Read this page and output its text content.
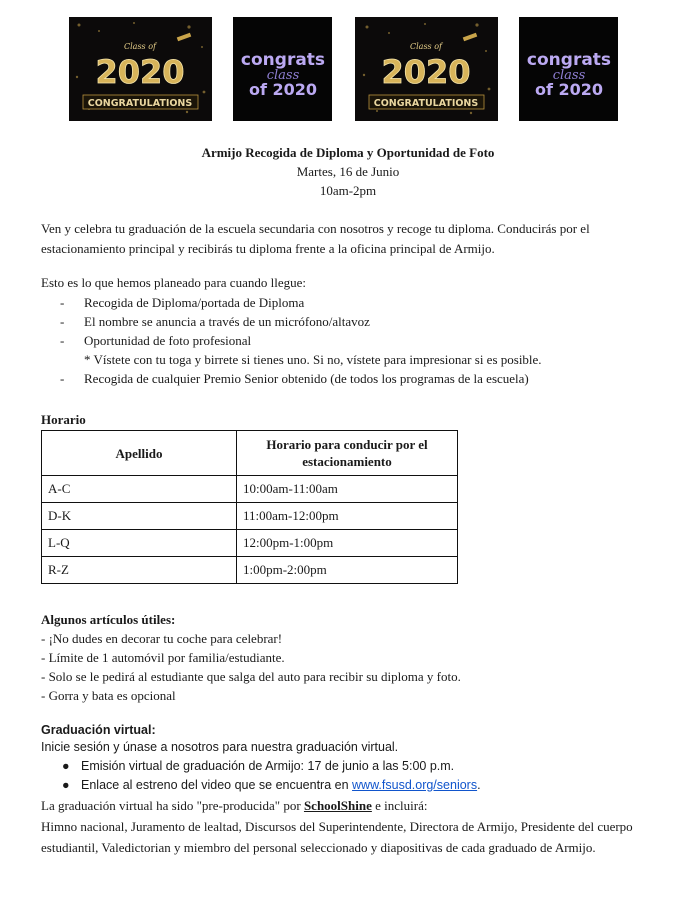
Class of
2020
CONGRATULATIONS
congrats
class
of 2020
Class of
2020
CONGRATULATIONS
congrats
class
of 2020
Armijo Recogida de Diploma y Oportunidad de Foto
Martes, 16 de Junio
10am-2pm
Ven y celebra tu graduación de la escuela secundaria con nosotros y recoge tu diploma. Conducirás por el estacionamiento principal y recibirás tu diploma frente a la oficina principal de Armijo.
Esto es lo que hemos planeado para cuando llegue:
- Recogida de Diploma/portada de Diploma
- El nombre se anuncia a través de un micrófono/altavoz
- Oportunidad de foto profesional
* Vístete con tu toga y birrete si tienes uno. Si no, vístete para impresionar si es posible.
- Recogida de cualquier Premio Senior obtenido (de todos los programas de la escuela)
Horario
Apellido	Horario para conducir por el estacionamiento
A-C	10:00am-11:00am
D-K	11:00am-12:00pm
L-Q	12:00pm-1:00pm
R-Z	1:00pm-2:00pm
Algunos artículos útiles:
- ¡No dudes en decorar tu coche para celebrar!
- Límite de 1 automóvil por familia/estudiante.
- Solo se le pedirá al estudiante que salga del auto para recibir su diploma y foto.
- Gorra y bata es opcional
Graduación virtual:
Inicie sesión y únase a nosotros para nuestra graduación virtual.
● Emisión virtual de graduación de Armijo: 17 de junio a las 5:00 p.m.
● Enlace al estreno del video que se encuentra en www.fsusd.org/seniors.
La graduación virtual ha sido "pre-producida" por SchoolShine e incluirá:
Himno nacional, Juramento de lealtad, Discursos del Superintendente, Directora de Armijo, Presidente del cuerpo estudiantil, Valedictorian y miembro del personal seleccionado y diapositivas de cada graduado de Armijo.
